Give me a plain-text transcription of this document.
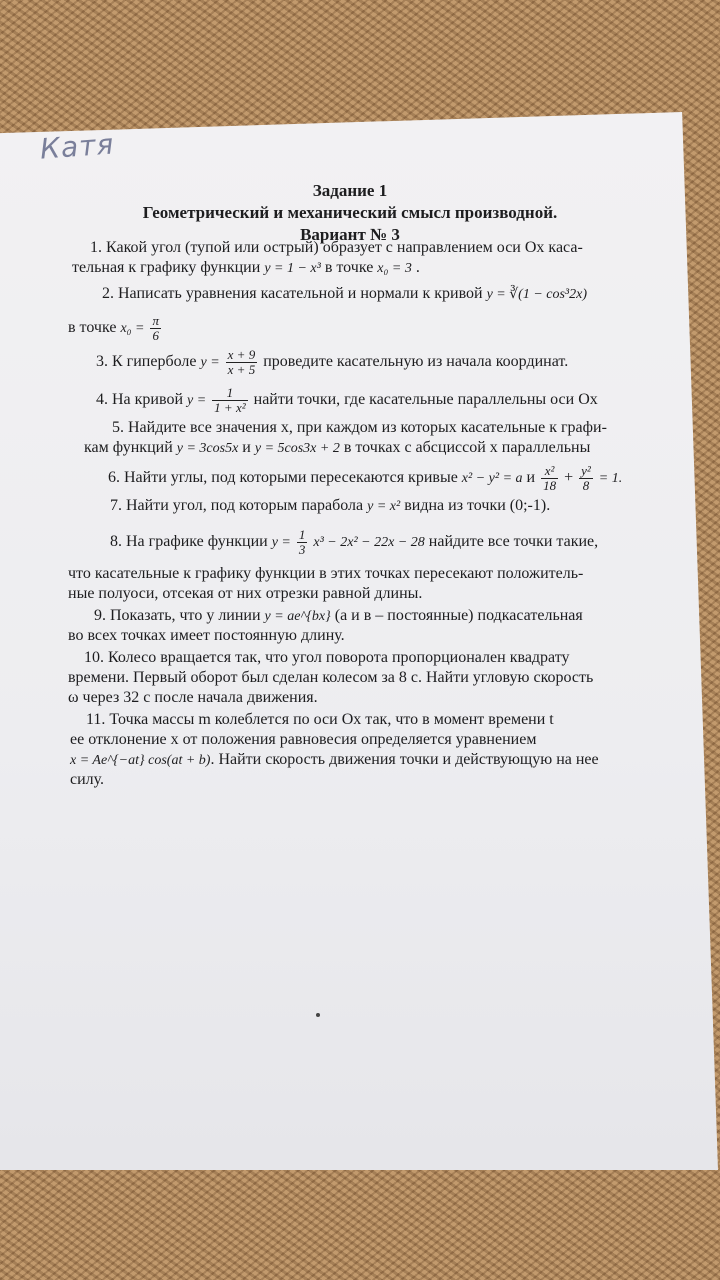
Катя
Задание 1
Геометрический и механический смысл производной.
Вариант № 3
1. Какой угол (тупой или острый) образует с направлением оси Ох каса-
тельная к графику функции y = 1 − x³ в точке x₀ = 3 .
2. Написать уравнения касательной и нормали к кривой y = ∛(1 − cos³2x)
в точке $x_0 = \frac{\pi}{6}$
3. К гиперболе $y = \frac{x + 9}{x + 5}$ проведите касательную из начала координат.
4. На кривой $y = \frac{1}{\text{1 + x²}}$ найти точки, где касательные параллельны оси Ох
5. Найдите все значения х, при каждом из которых касательные к графи-
кам функций y = 3cos5x и y = 5cos3x + 2 в точках с абсциссой х параллельны
6. Найти углы, под которыми пересекаются кривые x² − y² = a и $\frac{\text{x²}}{18} + \frac{\text{y²}}{8} = 1$.
7. Найти угол, под которым парабола y = x² видна из точки (0;-1).
8. На графике функции $y = \frac{1}{3} x^3 - 2x^2 - 22x - 28$ найдите все точки такие,
что касательные к графику функции в этих точках пересекают положитель-
ные полуоси, отсекая от них отрезки равной длины.
9. Показать, что у линии y = ae^{bx} (а и в – постоянные) подкасательная
во всех точках имеет постоянную длину.
10. Колесо вращается так, что угол поворота пропорционален квадрату
времени. Первый оборот был сделан колесом за 8 с. Найти угловую скорость
ω через 32 с после начала движения.
11. Точка массы m колеблется по оси Ох так, что в момент времени t
ее отклонение х от положения равновесия определяется уравнением
x = Ae^{−at} cos(at + b). Найти скорость движения точки и действующую на нее
силу.
